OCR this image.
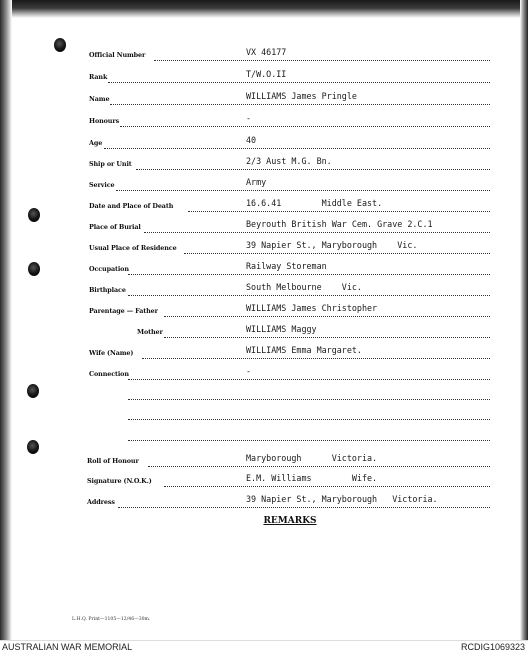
Official Number	VX 46177
Rank	T/W.O.II
Name	WILLIAMS James Pringle
Honours	-
Age	40
Ship or Unit	2/3 Aust M.G. Bn.
Service	Army
Date and Place of Death	16.6.41        Middle East.
Place of Burial	Beyrouth British War Cem. Grave 2.C.1
Usual Place of Residence	39 Napier St., Maryborough    Vic.
Occupation	Railway Storeman
Birthplace	South Melbourne    Vic.
Parentage — Father	WILLIAMS James Christopher
Mother	WILLIAMS Maggy
Wife (Name)	WILLIAMS Emma Margaret.
Connection	-
Roll of Honour	Maryborough      Victoria.
Signature (N.O.K.)	E.M. Williams        Wife.
Address	39 Napier St., Maryborough   Victoria.
REMARKS
L.H.Q. Print—1105—12/46—30m.
AUSTRALIAN WAR MEMORIAL	RCDIG1069323
